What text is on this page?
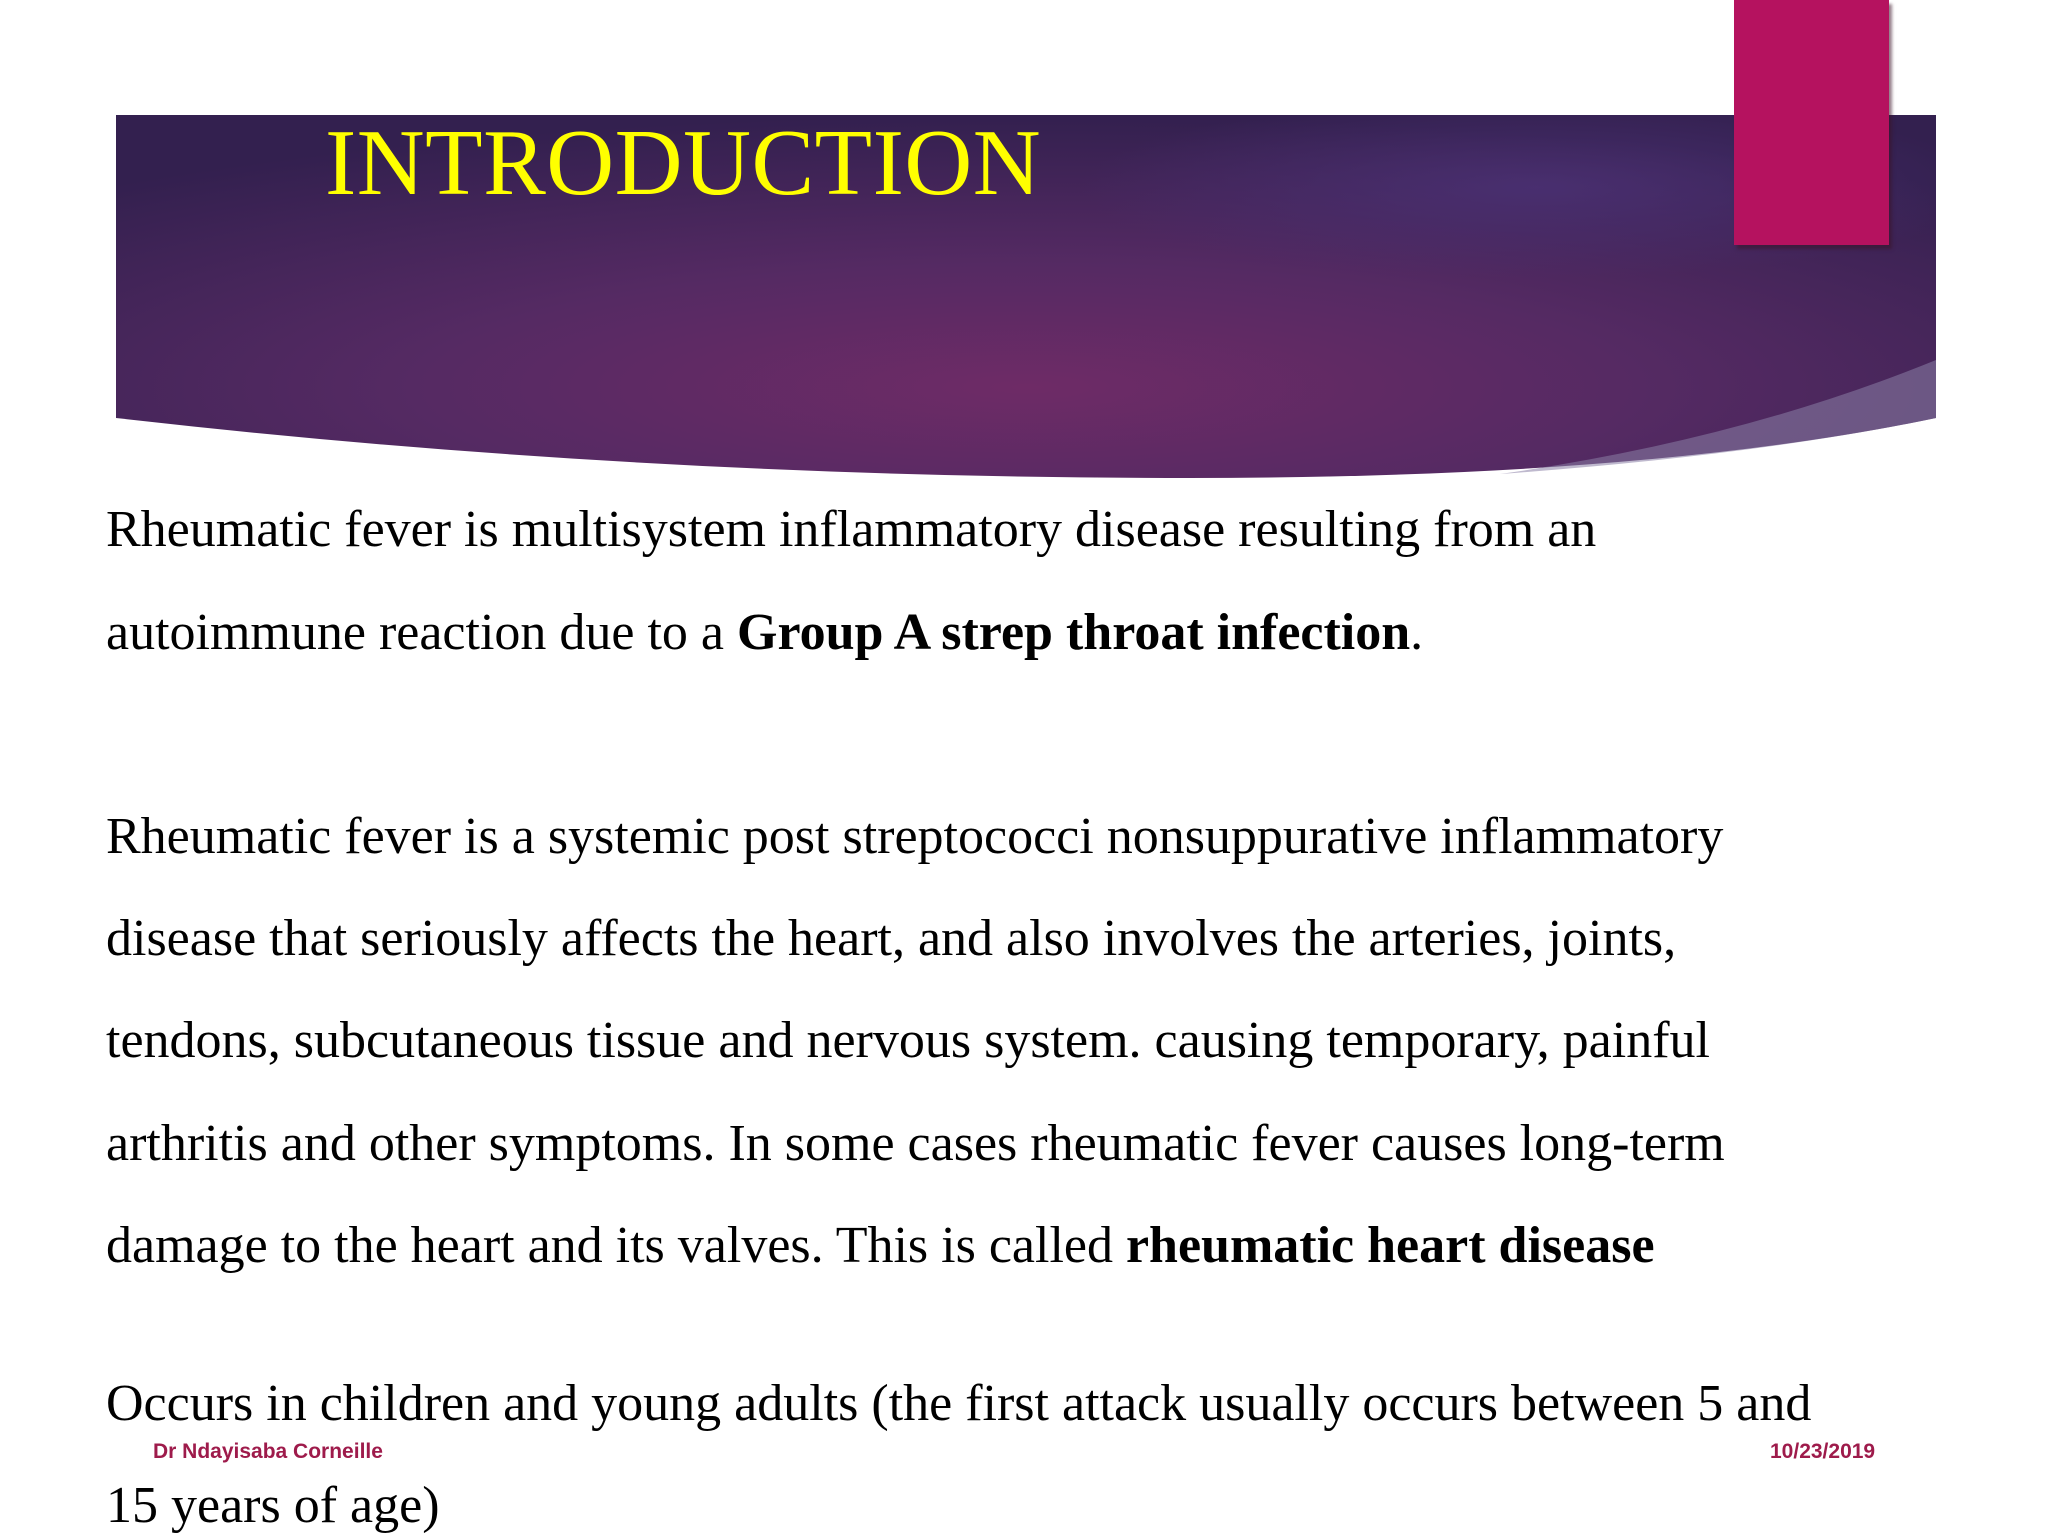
INTRODUCTION

Rheumatic fever is multisystem inflammatory disease resulting from an

autoimmune reaction due to a Group A strep throat infection.

Rheumatic fever is a systemic post streptococci nonsuppurative inflammatory

disease that seriously affects the heart, and also involves the arteries, joints,

tendons, subcutaneous tissue and nervous system. causing temporary, painful

arthritis and other symptoms. In some cases rheumatic fever causes long-term

damage to the heart and its valves. This is called rheumatic heart disease

Occurs in children and young adults (the first attack usually occurs between 5 and

15 years of age)

Dr Ndayisaba Corneille	10/23/2019
